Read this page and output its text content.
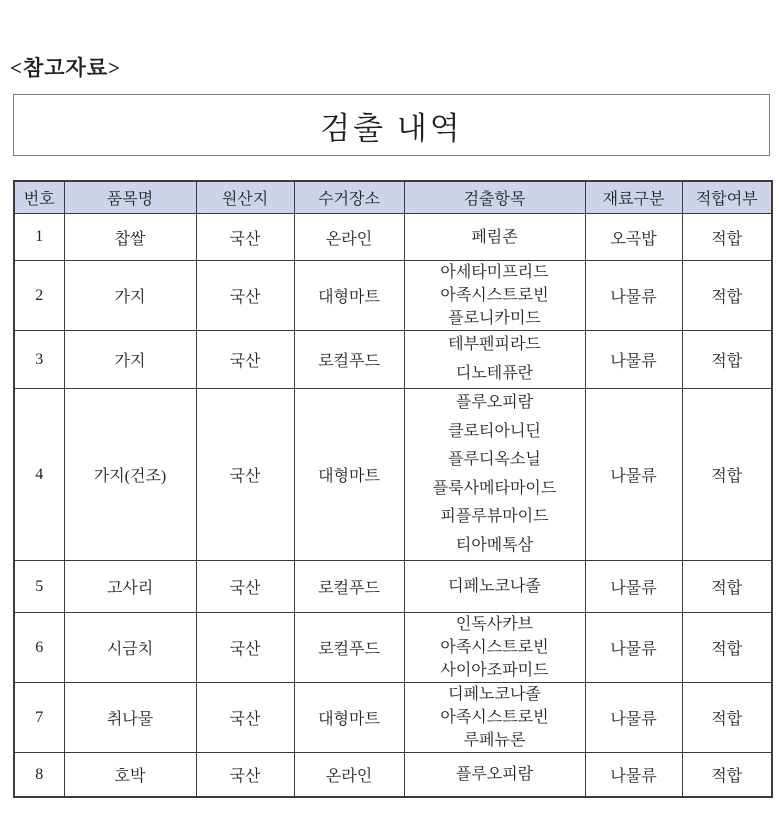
<참고자료>
검출 내역
번호	품목명	원산지	수거장소	검출항목	재료구분	적합여부
1	찹쌀	국산	온라인	페림존	오곡밥	적합
2	가지	국산	대형마트	아세타미프리드
아족시스트로빈
플로니카미드	나물류	적합
3	가지	국산	로컬푸드	테부펜피라드
디노테퓨란	나물류	적합
4	가지(건조)	국산	대형마트	
플루오피람
클로티아니딘
플루디옥소닐
플룩사메타마이드
피플루뷰마이드
티아메톡삼
	나물류	적합
5	고사리	국산	로컬푸드	디페노코나졸	나물류	적합
6	시금치	국산	로컬푸드	인독사카브
아족시스트로빈
사이아조파미드	나물류	적합
7	취나물	국산	대형마트	디페노코나졸
아족시스트로빈
루페뉴론	나물류	적합
8	호박	국산	온라인	플루오피람	나물류	적합
